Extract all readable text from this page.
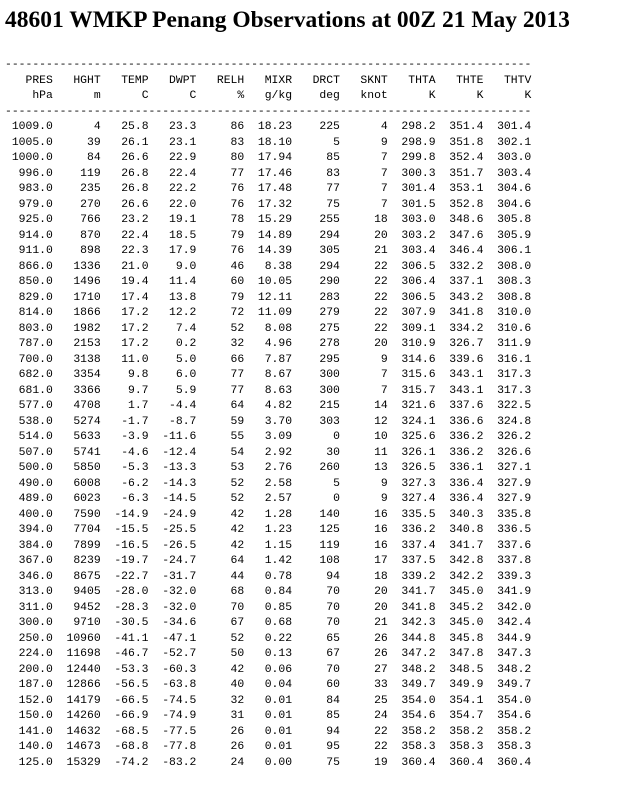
48601 WMKP Penang Observations at 00Z 21 May 2013
-----------------------------------------------------------------------------
PRES HGHT TEMP DWPT RELH MIXR DRCT SKNT THTA THTE THTV
hPa	m	C	C	% g/kg deg knot	K	K	K
-----------------------------------------------------------------------------
1009.0	4 25.8 23.3	86 18.23 225	4 298.2 351.4 301.4
1005.0	39 26.1 23.1	83 18.10	5	9 298.9 351.8 302.1
1000.0	84 26.6 22.9	80 17.94	85	7 299.8 352.4 303.0
996.0 119 26.8 22.4	77 17.46	83	7 300.3 351.7 303.4
983.0 235 26.8 22.2	76 17.48	77	7 301.4 353.1 304.6
979.0 270 26.6 22.0	76 17.32	75	7 301.5 352.8 304.6
925.0 766 23.2 19.1	78 15.29 255	18 303.0 348.6 305.8
914.0 870 22.4 18.5	79 14.89 294	20 303.2 347.6 305.9
911.0 898 22.3 17.9	76 14.39 305	21 303.4 346.4 306.1
866.0 1336 21.0 9.0	46 8.38 294	22 306.5 332.2 308.0
850.0 1496 19.4 11.4	60 10.05 290	22 306.4 337.1 308.3
829.0 1710 17.4 13.8	79 12.11 283	22 306.5 343.2 308.8
814.0 1866 17.2 12.2	72 11.09 279	22 307.9 341.8 310.0
803.0 1982 17.2 7.4	52 8.08 275	22 309.1 334.2 310.6
787.0 2153 17.2 0.2	32 4.96 278	20 310.9 326.7 311.9
700.0 3138 11.0 5.0	66 7.87 295	9 314.6 339.6 316.1
682.0 3354 9.8 6.0	77 8.67 300	7 315.6 343.1 317.3
681.0 3366 9.7 5.9	77 8.63 300	7 315.7 343.1 317.3
577.0 4708 1.7 -4.4	64 4.82 215	14 321.6 337.6 322.5
538.0 5274 -1.7 -8.7	59 3.70 303	12 324.1 336.6 324.8
514.0 5633 -3.9 -11.6	55 3.09	0	10 325.6 336.2 326.2
507.0 5741 -4.6 -12.4	54 2.92	30	11 326.1 336.2 326.6
500.0 5850 -5.3 -13.3	53 2.76 260	13 326.5 336.1 327.1
490.0 6008 -6.2 -14.3	52 2.58	5	9 327.3 336.4 327.9
489.0 6023 -6.3 -14.5	52 2.57	0	9 327.4 336.4 327.9
400.0 7590 -14.9 -24.9	42 1.28 140	16 335.5 340.3 335.8
394.0 7704 -15.5 -25.5	42 1.23 125	16 336.2 340.8 336.5
384.0 7899 -16.5 -26.5	42 1.15 119	16 337.4 341.7 337.6
367.0 8239 -19.7 -24.7	64 1.42 108	17 337.5 342.8 337.8
346.0 8675 -22.7 -31.7	44 0.78	94	18 339.2 342.2 339.3
313.0 9405 -28.0 -32.0	68 0.84	70	20 341.7 345.0 341.9
311.0 9452 -28.3 -32.0	70 0.85	70	20 341.8 345.2 342.0
300.0 9710 -30.5 -34.6	67 0.68	70	21 342.3 345.0 342.4
250.0 10960 -41.1 -47.1	52 0.22	65	26 344.8 345.8 344.9
224.0 11698 -46.7 -52.7	50 0.13	67	26 347.2 347.8 347.3
200.0 12440 -53.3 -60.3	42 0.06	70	27 348.2 348.5 348.2
187.0 12866 -56.5 -63.8	40 0.04	60	33 349.7 349.9 349.7
152.0 14179 -66.5 -74.5	32 0.01	84	25 354.0 354.1 354.0
150.0 14260 -66.9 -74.9	31 0.01	85	24 354.6 354.7 354.6
141.0 14632 -68.5 -77.5	26 0.01	94	22 358.2 358.2 358.2
140.0 14673 -68.8 -77.8	26 0.01	95	22 358.3 358.3 358.3
125.0 15329 -74.2 -83.2	24 0.00	75	19 360.4 360.4 360.4
